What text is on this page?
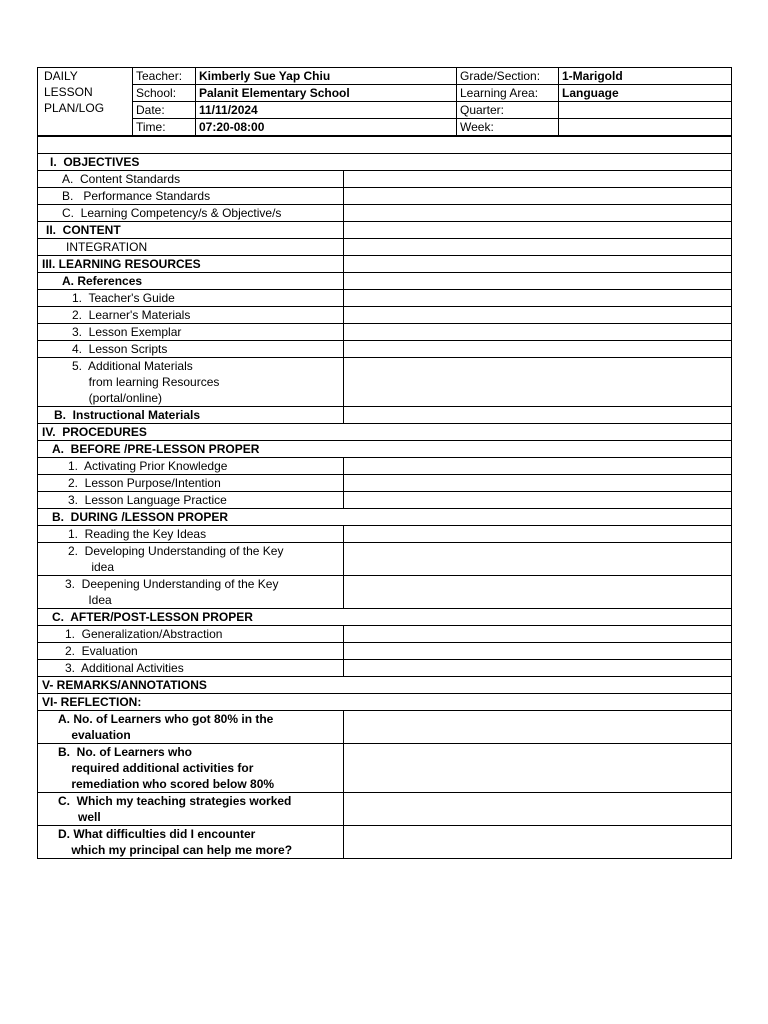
DAILY
LESSON
PLAN/LOG	Teacher:	Kimberly Sue Yap Chiu	Grade/Section:	1-Marigold
	School:	Palanit Elementary School	Learning Area:	Language
	Date:	11/11/2024	Quarter:	
	Time:	07:20-08:00	Week:	

I.  OBJECTIVES	
A.  Content Standards	
B.   Performance Standards	
C.  Learning Competency/s & Objective/s	
II.  CONTENT	
INTEGRATION	
III. LEARNING RESOURCES	
A. References	
1.  Teacher's Guide	
2.  Learner's Materials	
3.  Lesson Exemplar	
4.  Lesson Scripts	
5.  Additional Materials
from learning Resources
(portal/online)	
B.  Instructional Materials	
IV.  PROCEDURES	
A.  BEFORE /PRE-LESSON PROPER	
1.  Activating Prior Knowledge	
2.  Lesson Purpose/Intention	
3.  Lesson Language Practice	
B.  DURING /LESSON PROPER	
1.  Reading the Key Ideas	
2.  Developing Understanding of the Key
idea	
3.  Deepening Understanding of the Key
Idea	
C.  AFTER/POST-LESSON PROPER	
1.  Generalization/Abstraction	
2.  Evaluation	
3.  Additional Activities	
V- REMARKS/ANNOTATIONS	
VI- REFLECTION:	
A. No. of Learners who got 80% in the
evaluation	
B.  No. of Learners who
required additional activities for
remediation who scored below 80%	
C.  Which my teaching strategies worked
well	
D. What difficulties did I encounter
which my principal can help me more?	
